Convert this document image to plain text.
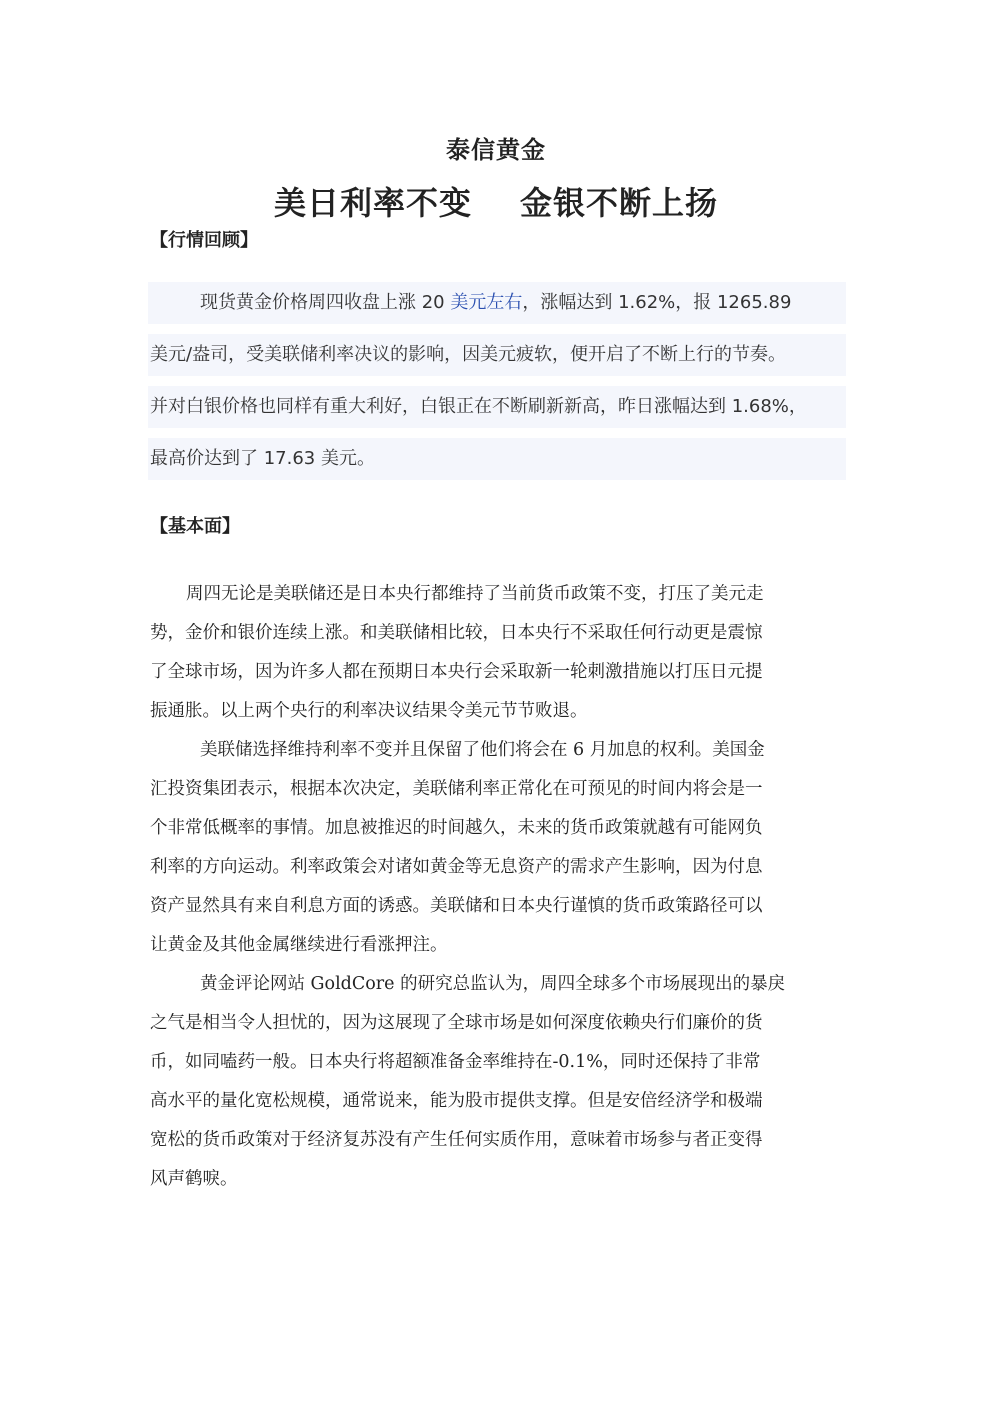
泰信黄金
美日利率不变 金银不断上扬
【行情回顾】
现货黄金价格周四收盘上涨 20 美元左右，涨幅达到 1.62%，报 1265.89
美元/盎司，受美联储利率决议的影响，因美元疲软，便开启了不断上行的节奏。
并对白银价格也同样有重大利好，白银正在不断刷新新高，昨日涨幅达到 1.68%，
最高价达到了 17.63 美元。
【基本面】
周四无论是美联储还是日本央行都维持了当前货币政策不变，打压了美元走
势，金价和银价连续上涨。和美联储相比较，日本央行不采取任何行动更是震惊
了全球市场，因为许多人都在预期日本央行会采取新一轮刺激措施以打压日元提
振通胀。以上两个央行的利率决议结果令美元节节败退。
美联储选择维持利率不变并且保留了他们将会在 6 月加息的权利。美国金
汇投资集团表示，根据本次决定，美联储利率正常化在可预见的时间内将会是一
个非常低概率的事情。加息被推迟的时间越久，未来的货币政策就越有可能网负
利率的方向运动。利率政策会对诸如黄金等无息资产的需求产生影响，因为付息
资产显然具有来自利息方面的诱惑。美联储和日本央行谨慎的货币政策路径可以
让黄金及其他金属继续进行看涨押注。
黄金评论网站 GoldCore 的研究总监认为，周四全球多个市场展现出的暴戾
之气是相当令人担忧的，因为这展现了全球市场是如何深度依赖央行们廉价的货
币，如同嗑药一般。日本央行将超额准备金率维持在-0.1%，同时还保持了非常
高水平的量化宽松规模，通常说来，能为股市提供支撑。但是安倍经济学和极端
宽松的货币政策对于经济复苏没有产生任何实质作用，意味着市场参与者正变得
风声鹤唳。
